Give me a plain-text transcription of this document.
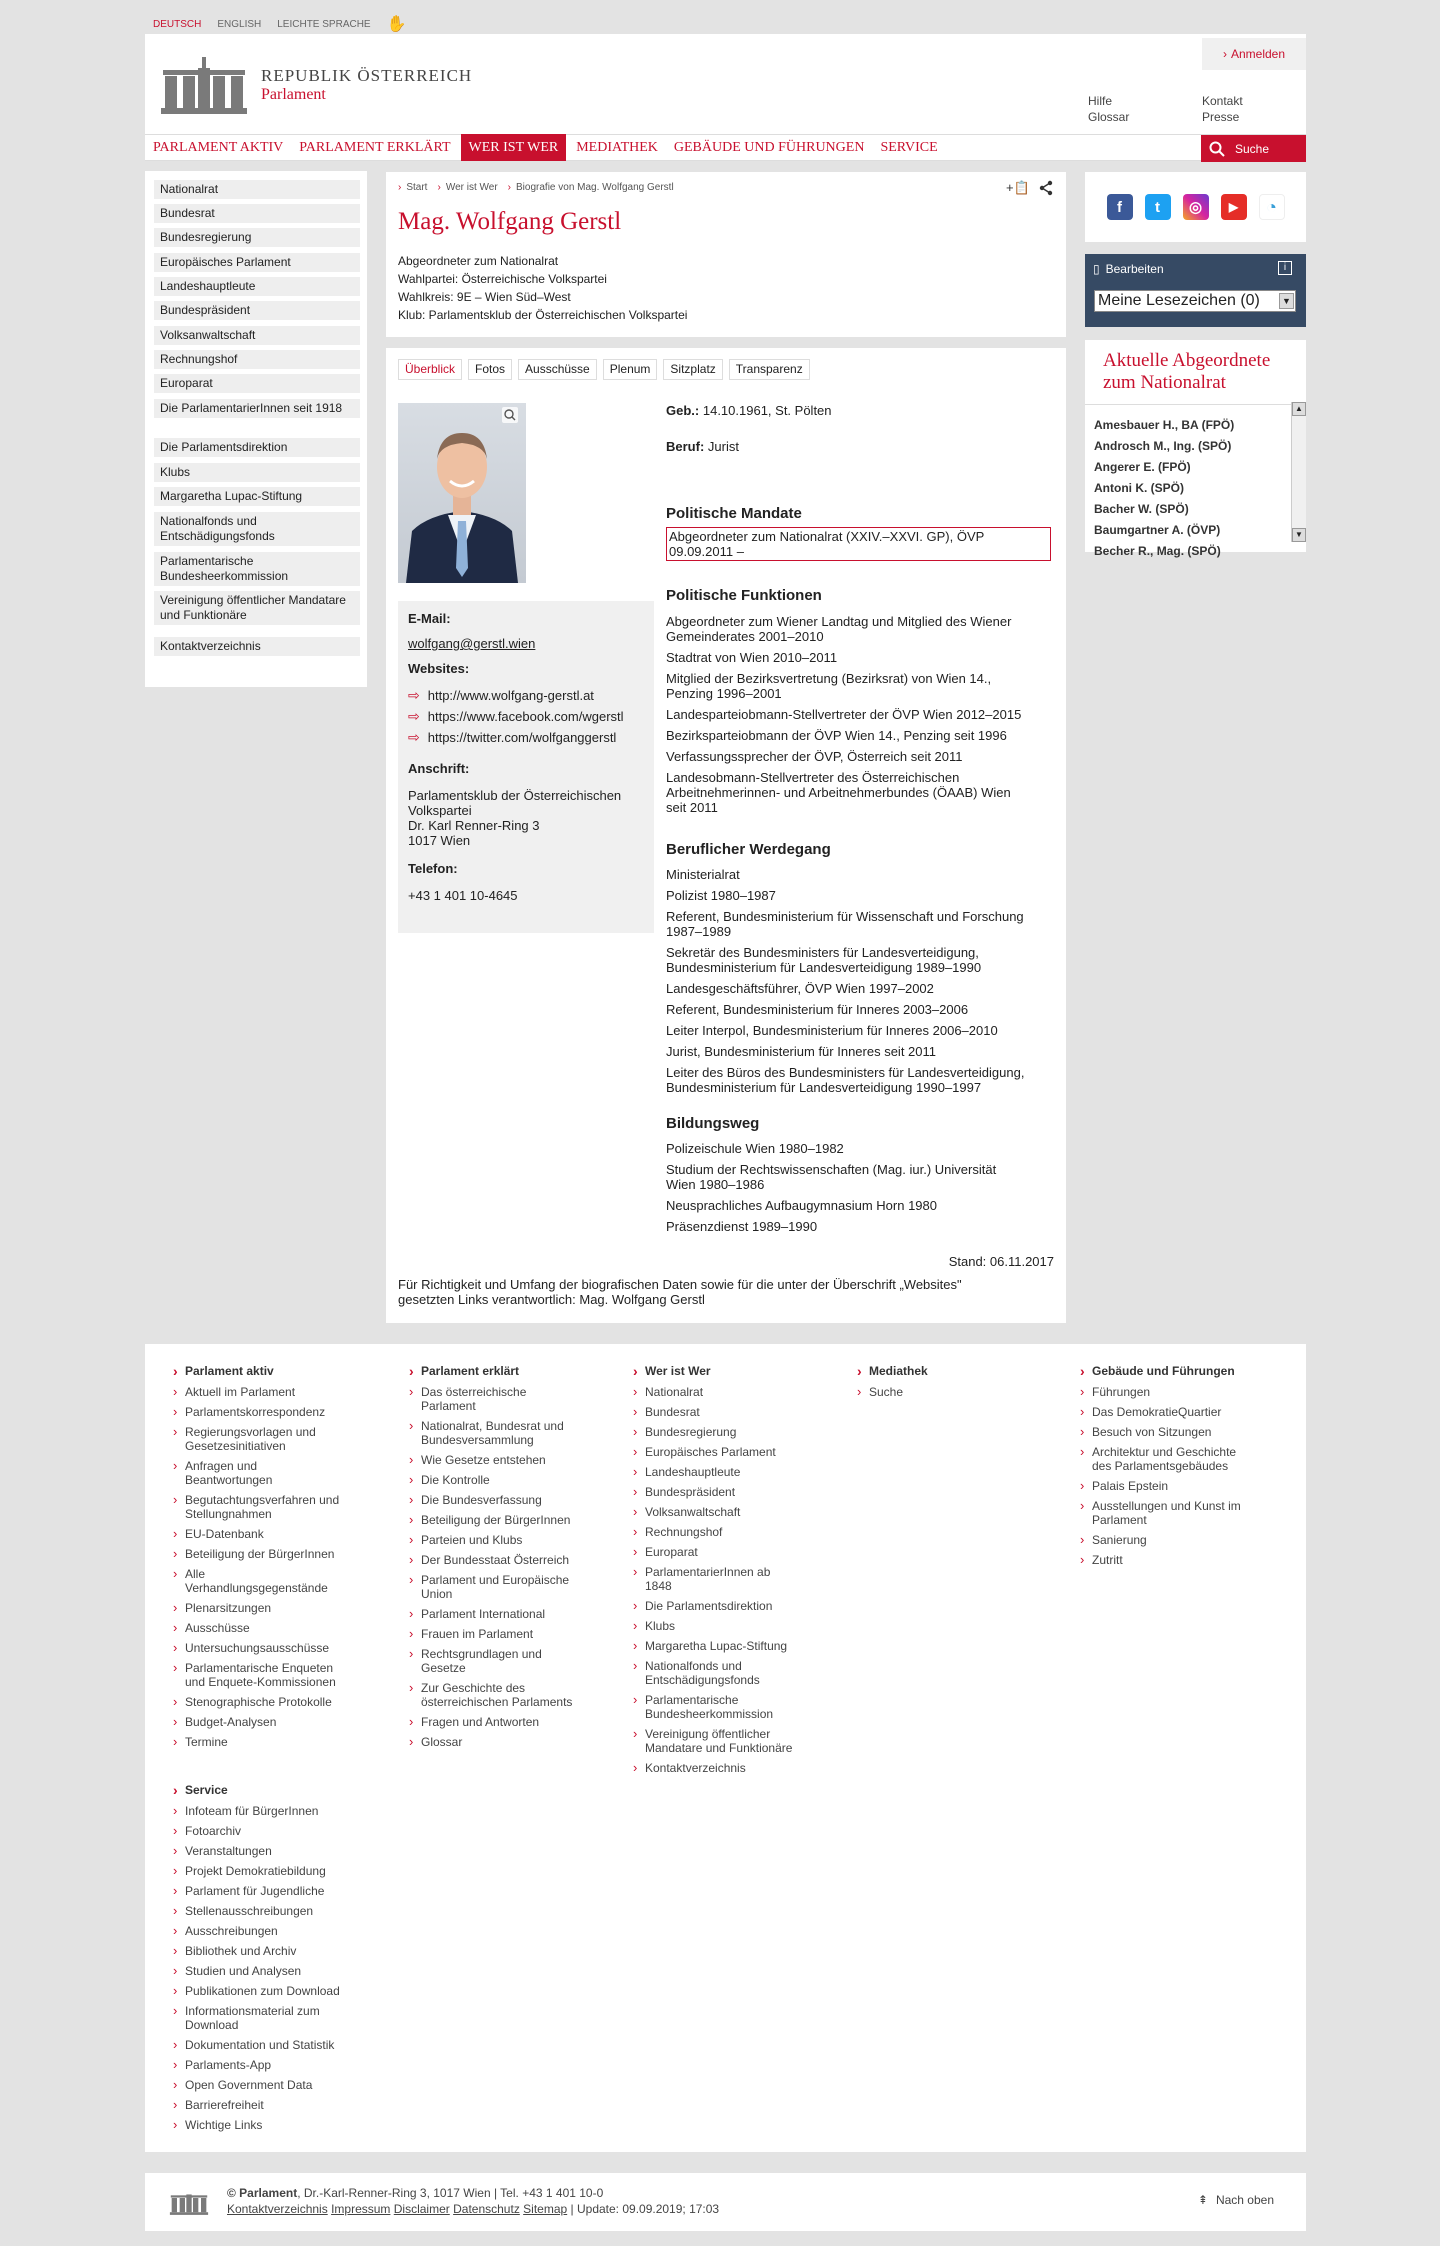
DEUTSCH ENGLISH LEICHTE SPRACHE ✋
REPUBLIK ÖSTERREICH
Parlament
› Anmelden
Hilfe
Glossar
Kontakt
Presse
PARLAMENT AKTIV	PARLAMENT ERKLÄRT	WER IST WER	MEDIATHEK	GEBÄUDE UND FÜHRUNGEN	SERVICE	Suche
Nationalrat
Bundesrat
Bundesregierung
Europäisches Parlament
Landeshauptleute
Bundespräsident
Volksanwaltschaft
Rechnungshof
Europarat
Die ParlamentarierInnen seit 1918
Die Parlamentsdirektion
Klubs
Margaretha Lupac-Stiftung
Nationalfonds und Entschädigungsfonds
Parlamentarische Bundesheerkommission
Vereinigung öffentlicher Mandatare und Funktionäre
Kontaktverzeichnis
› Start › Wer ist Wer › Biografie von Mag. Wolfgang Gerstl	+📋
Mag. Wolfgang Gerstl
Abgeordneter zum Nationalrat
Wahlpartei: Österreichische Volkspartei
Wahlkreis: 9E – Wien Süd–West
Klub: Parlamentsklub der Österreichischen Volkspartei
Überblick	Fotos	Ausschüsse	Plenum	Sitzplatz	Transparenz
E-Mail:
wolfgang@gerstl.wien
Websites:
⇨ http://www.wolfgang-gerstl.at
⇨ https://www.facebook.com/wgerstl
⇨ https://twitter.com/wolfganggerstl
Anschrift:
Parlamentsklub der Österreichischen
Volkspartei
Dr. Karl Renner-Ring 3
1017 Wien
Telefon:
+43 1 401 10-4645
Geb.: 14.10.1961, St. Pölten
Beruf: Jurist
Politische Mandate
Abgeordneter zum Nationalrat (XXIV.–XXVI. GP), ÖVP
09.09.2011 –
Politische Funktionen
Abgeordneter zum Wiener Landtag und Mitglied des Wiener
Gemeinderates 2001–2010
Stadtrat von Wien 2010–2011
Mitglied der Bezirksvertretung (Bezirksrat) von Wien 14.,
Penzing 1996–2001
Landesparteiobmann-Stellvertreter der ÖVP Wien 2012–2015
Bezirksparteiobmann der ÖVP Wien 14., Penzing seit 1996
Verfassungssprecher der ÖVP, Österreich seit 2011
Landesobmann-Stellvertreter des Österreichischen
Arbeitnehmerinnen- und Arbeitnehmerbundes (ÖAAB) Wien
seit 2011
Beruflicher Werdegang
Ministerialrat
Polizist 1980–1987
Referent, Bundesministerium für Wissenschaft und Forschung
1987–1989
Sekretär des Bundesministers für Landesverteidigung,
Bundesministerium für Landesverteidigung 1989–1990
Landesgeschäftsführer, ÖVP Wien 1997–2002
Referent, Bundesministerium für Inneres 2003–2006
Leiter Interpol, Bundesministerium für Inneres 2006–2010
Jurist, Bundesministerium für Inneres seit 2011
Leiter des Büros des Bundesministers für Landesverteidigung,
Bundesministerium für Landesverteidigung 1990–1997
Bildungsweg
Polizeischule Wien 1980–1982
Studium der Rechtswissenschaften (Mag. iur.) Universität
Wien 1980–1986
Neusprachliches Aufbaugymnasium Horn 1980
Präsenzdienst 1989–1990
Stand: 06.11.2017
Für Richtigkeit und Umfang der biografischen Daten sowie für die unter der Überschrift „Websites"
gesetzten Links verantwortlich: Mag. Wolfgang Gerstl
f	t	◎	▶	◔
▯ Bearbeiten	i
Meine Lesezeichen (0)	▼
Aktuelle Abgeordnete
zum Nationalrat
Amesbauer H., BA (FPÖ)
Androsch M., Ing. (SPÖ)
Angerer E. (FPÖ)
Antoni K. (SPÖ)
Bacher W. (SPÖ)
Baumgartner A. (ÖVP)
Becher R., Mag. (SPÖ)
▲
▼
› Parlament aktiv
› Aktuell im Parlament
› Parlamentskorrespondenz
› Regierungsvorlagen und
Gesetzesinitiativen
› Anfragen und
Beantwortungen
› Begutachtungsverfahren und
Stellungnahmen
› EU-Datenbank
› Beteiligung der BürgerInnen
› Alle
Verhandlungsgegenstände
› Plenarsitzungen
› Ausschüsse
› Untersuchungsausschüsse
› Parlamentarische Enqueten
und Enquete-Kommissionen
› Stenographische Protokolle
› Budget-Analysen
› Termine
› Service
› Infoteam für BürgerInnen
› Fotoarchiv
› Veranstaltungen
› Projekt Demokratiebildung
› Parlament für Jugendliche
› Stellenausschreibungen
› Ausschreibungen
› Bibliothek und Archiv
› Studien und Analysen
› Publikationen zum Download
› Informationsmaterial zum Download
› Dokumentation und Statistik
› Parlaments-App
› Open Government Data
› Barrierefreiheit
› Wichtige Links
› Parlament erklärt
› Das österreichische
Parlament
› Nationalrat, Bundesrat und
Bundesversammlung
› Wie Gesetze entstehen
› Die Kontrolle
› Die Bundesverfassung
› Beteiligung der BürgerInnen
› Parteien und Klubs
› Der Bundesstaat Österreich
› Parlament und Europäische
Union
› Parlament International
› Frauen im Parlament
› Rechtsgrundlagen und
Gesetze
› Zur Geschichte des
österreichischen Parlaments
› Fragen und Antworten
› Glossar
› Wer ist Wer
› Nationalrat
› Bundesrat
› Bundesregierung
› Europäisches Parlament
› Landeshauptleute
› Bundespräsident
› Volksanwaltschaft
› Rechnungshof
› Europarat
› ParlamentarierInnen ab
1848
› Die Parlamentsdirektion
› Klubs
› Margaretha Lupac-Stiftung
› Nationalfonds und
Entschädigungsfonds
› Parlamentarische
Bundesheerkommission
› Vereinigung öffentlicher
Mandatare und Funktionäre
› Kontaktverzeichnis
› Mediathek
› Suche
› Gebäude und Führungen
› Führungen
› Das DemokratieQuartier
› Besuch von Sitzungen
› Architektur und Geschichte
des Parlamentsgebäudes
› Palais Epstein
› Ausstellungen und Kunst im
Parlament
› Sanierung
› Zutritt
© Parlament, Dr.-Karl-Renner-Ring 3, 1017 Wien | Tel. +43 1 401 10-0
Kontaktverzeichnis Impressum Disclaimer Datenschutz Sitemap | Update: 09.09.2019; 17:03
⇞ Nach oben
